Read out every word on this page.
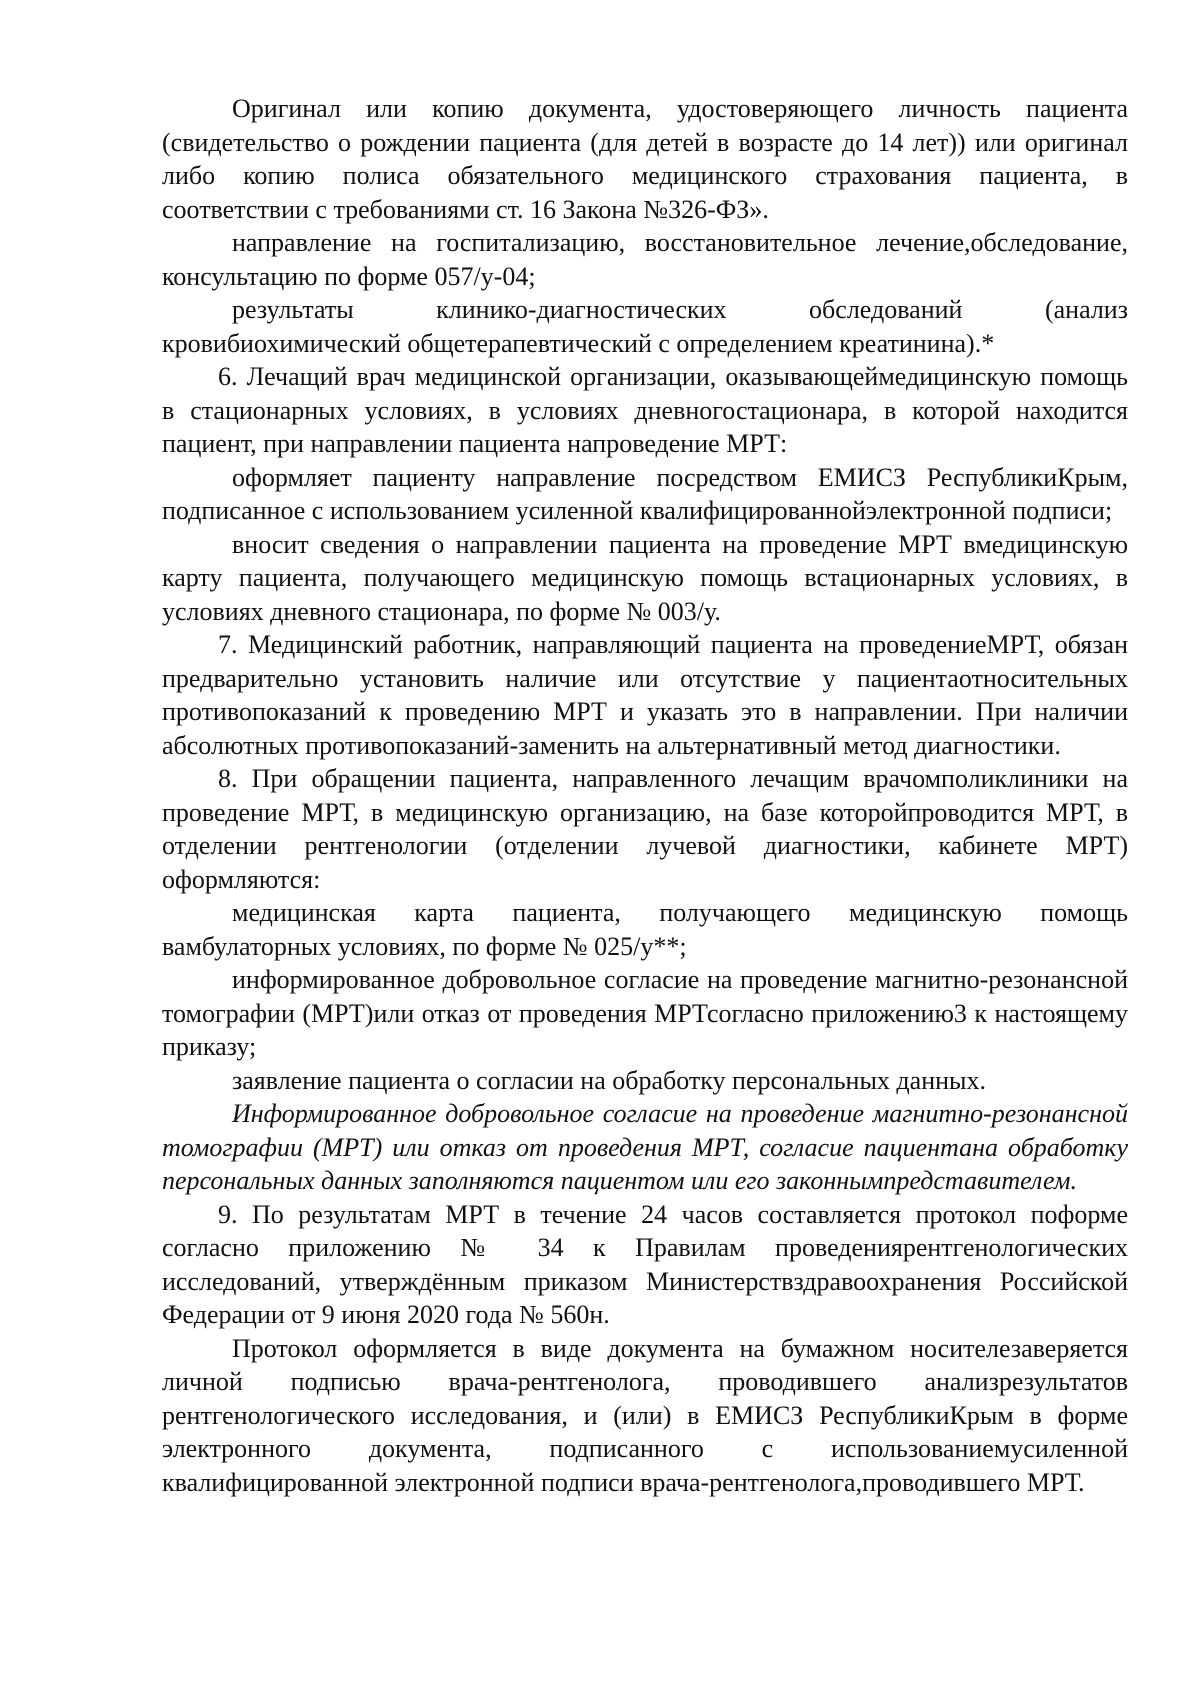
Оригинал или копию документа, удостоверяющего личность пациента (свидетельство о рождении пациента (для детей в возрасте до 14 лет)) или оригинал либо копию полиса обязательного медицинского страхования пациента, в соответствии с требованиями ст. 16 Закона №326-ФЗ».

направление на госпитализацию, восстановительное лечение,обследование, консультацию по форме 057/у-04;

результаты клинико-диагностических обследований (анализ кровибиохимический общетерапевтический с определением креатинина).*

6. Лечащий врач медицинской организации, оказывающеймедицинскую помощь в стационарных условиях, в условиях дневногостационара, в которой находится пациент, при направлении пациента напроведение МРТ:

оформляет пациенту направление посредством ЕМИСЗ РеспубликиКрым, подписанное с использованием усиленной квалифицированнойэлектронной подписи;

вносит сведения о направлении пациента на проведение МРТ вмедицинскую карту пациента, получающего медицинскую помощь встационарных условиях, в условиях дневного стационара, по форме № 003/у.

7. Медицинский работник, направляющий пациента на проведениеМРТ, обязан предварительно установить наличие или отсутствие у пациентаотносительных противопоказаний к проведению МРТ и указать это в направлении. При наличии абсолютных противопоказаний-заменить на альтернативный метод диагностики.

8. При обращении пациента, направленного лечащим врачомполиклиники на проведение МРТ, в медицинскую организацию, на базе которойпроводится МРТ, в отделении рентгенологии (отделении лучевой диагностики, кабинете МРТ) оформляются:

медицинская карта пациента, получающего медицинскую помощь вамбулаторных условиях, по форме № 025/у**;

информированное добровольное согласие на проведение магнитно-резонансной томографии (МРТ)или отказ от проведения МРТсогласно приложению3 к настоящему приказу;

заявление пациента о согласии на обработку персональных данных.

Информированное добровольное согласие на проведение магнитно-резонансной томографии (МРТ) или отказ от проведения МРТ, согласие пациентана обработку персональных данных заполняются пациентом или его законнымпредставителем.

9. По результатам МРТ в течение 24 часов составляется протокол поформе согласно приложению № 34 к Правилам проведениярентгенологических исследований, утверждённым приказом Министерствздравоохранения Российской Федерации от 9 июня 2020 года № 560н.

Протокол оформляется в виде документа на бумажном носителезаверяется личной подписью врача-рентгенолога, проводившего анализрезультатов рентгенологического исследования, и (или) в ЕМИСЗ РеспубликиКрым в форме электронного документа, подписанного с использованиемусиленной квалифицированной электронной подписи врача-рентгенолога,проводившего МРТ.
